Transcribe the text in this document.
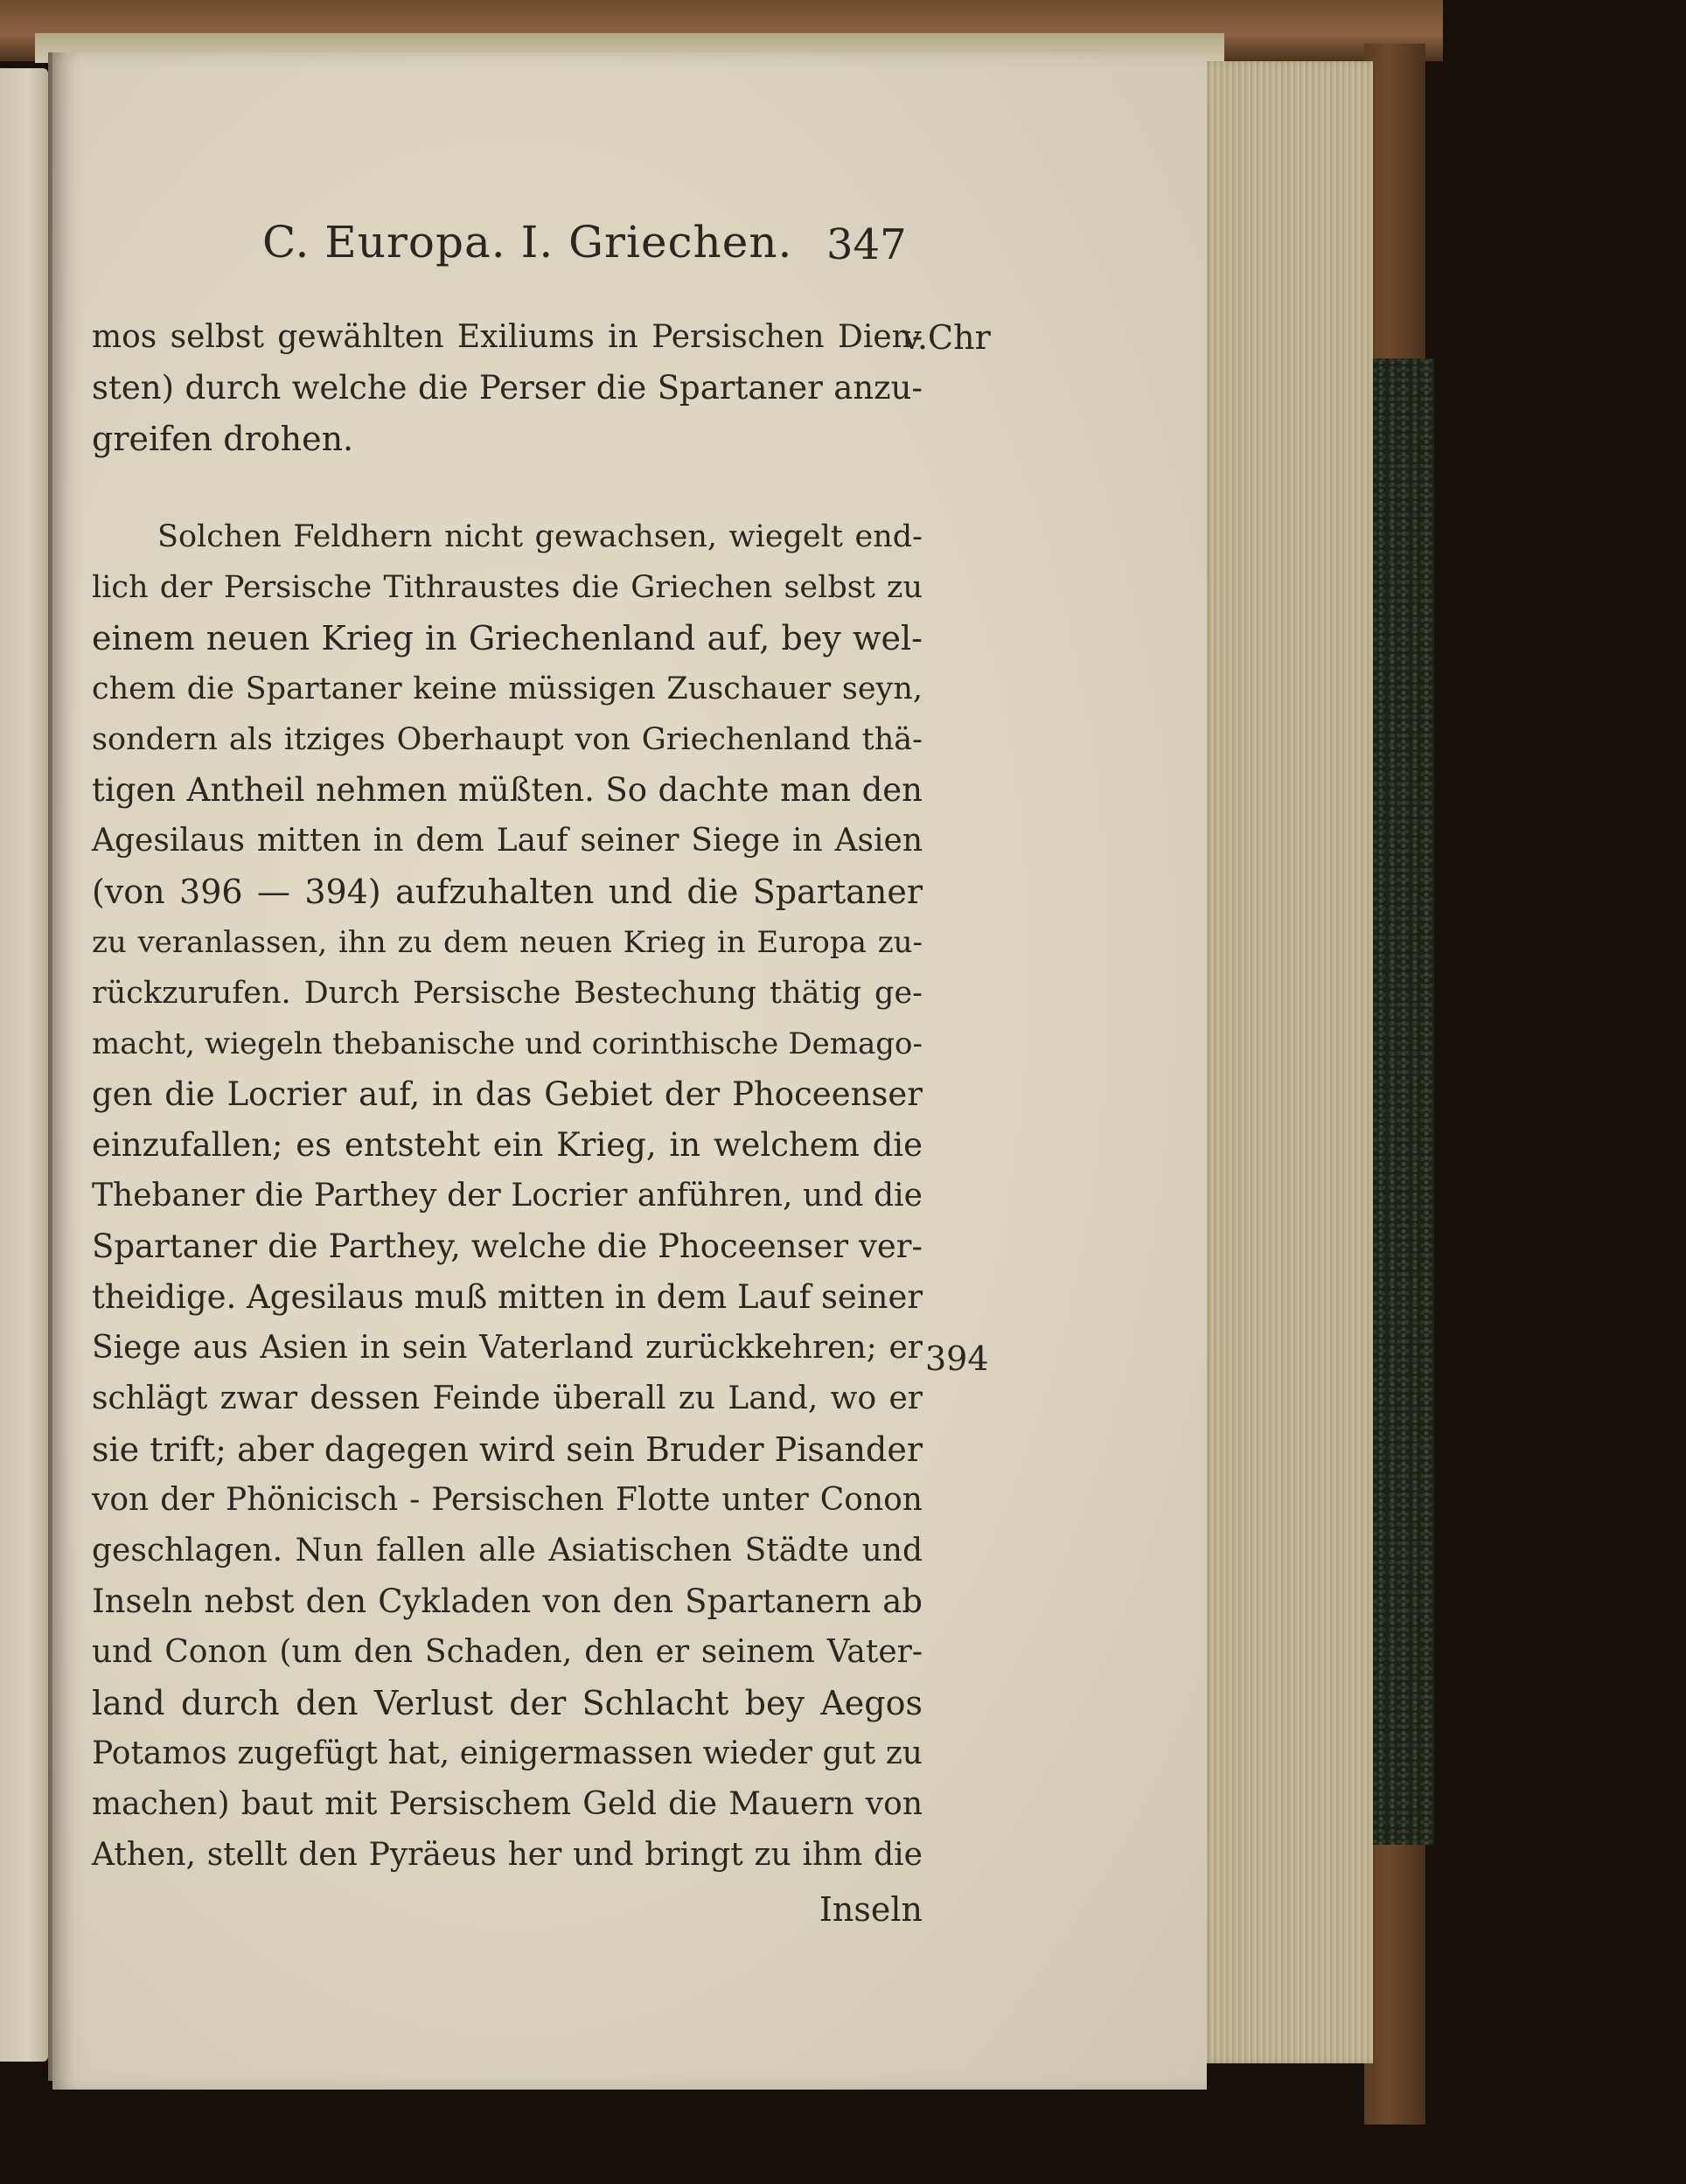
C. Europa. I. Griechen. 347
v.Chr
394
mos selbst gewählten Exiliums in Persischen Dien-
sten) durch welche die Perser die Spartaner anzu-
greifen drohen.
Solchen Feldhern nicht gewachsen, wiegelt end-
lich der Persische Tithraustes die Griechen selbst zu
einem neuen Krieg in Griechenland auf, bey wel-
chem die Spartaner keine müssigen Zuschauer seyn,
sondern als itziges Oberhaupt von Griechenland thä-
tigen Antheil nehmen müßten. So dachte man den
Agesilaus mitten in dem Lauf seiner Siege in Asien
(von 396 — 394) aufzuhalten und die Spartaner
zu veranlassen, ihn zu dem neuen Krieg in Europa zu-
rückzurufen. Durch Persische Bestechung thätig ge-
macht, wiegeln thebanische und corinthische Demago-
gen die Locrier auf, in das Gebiet der Phoceenser
einzufallen; es entsteht ein Krieg, in welchem die
Thebaner die Parthey der Locrier anführen, und die
Spartaner die Parthey, welche die Phoceenser ver-
theidige. Agesilaus muß mitten in dem Lauf seiner
Siege aus Asien in sein Vaterland zurückkehren; er
schlägt zwar dessen Feinde überall zu Land, wo er
sie trift; aber dagegen wird sein Bruder Pisander
von der Phönicisch - Persischen Flotte unter Conon
geschlagen. Nun fallen alle Asiatischen Städte und
Inseln nebst den Cykladen von den Spartanern ab
und Conon (um den Schaden, den er seinem Vater-
land durch den Verlust der Schlacht bey Aegos
Potamos zugefügt hat, einigermassen wieder gut zu
machen) baut mit Persischem Geld die Mauern von
Athen, stellt den Pyräeus her und bringt zu ihm die
Inseln
